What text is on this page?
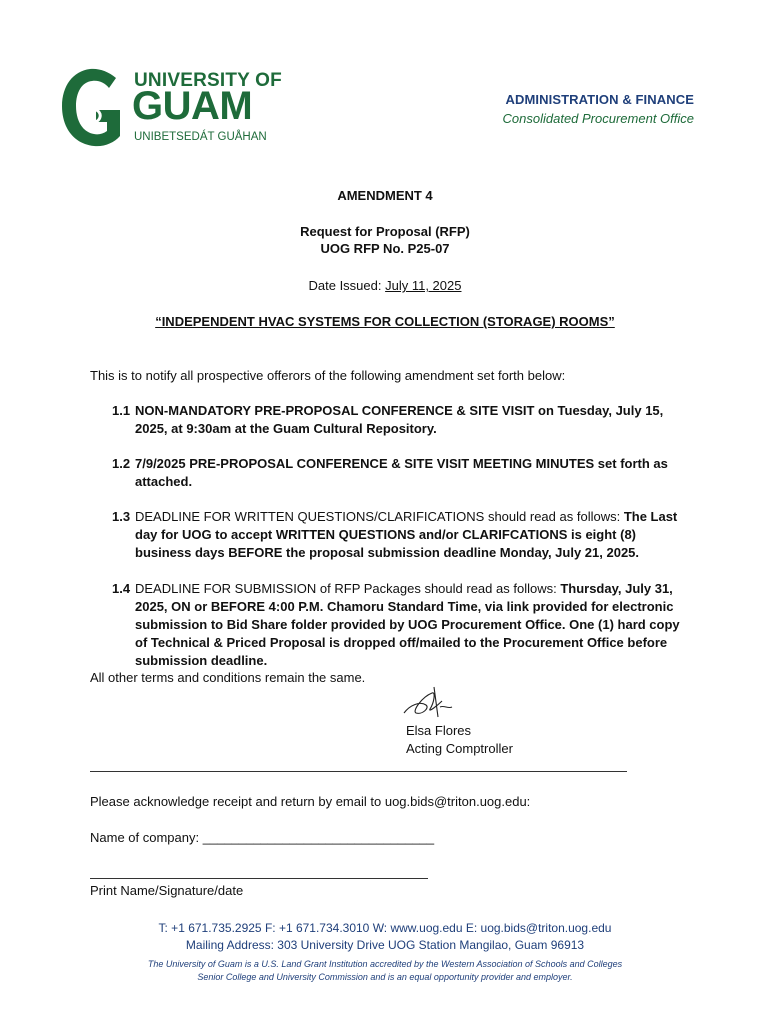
UNIVERSITY OF
GUAM
UNIBETSEDÁT GUÅHAN
ADMINISTRATION & FINANCE
Consolidated Procurement Office
AMENDMENT 4
Request for Proposal (RFP)
UOG RFP No. P25-07
Date Issued: July 11, 2025
“INDEPENDENT HVAC SYSTEMS FOR COLLECTION (STORAGE) ROOMS”
This is to notify all prospective offerors of the following amendment set forth below:
1.1 NON-MANDATORY PRE-PROPOSAL CONFERENCE & SITE VISIT on Tuesday, July 15, 2025, at 9:30am at the Guam Cultural Repository.
1.2 7/9/2025 PRE-PROPOSAL CONFERENCE & SITE VISIT MEETING MINUTES set forth as attached.
1.3 DEADLINE FOR WRITTEN QUESTIONS/CLARIFICATIONS should read as follows: The Last day for UOG to accept WRITTEN QUESTIONS and/or CLARIFCATIONS is eight (8) business days BEFORE the proposal submission deadline Monday, July 21, 2025.
1.4 DEADLINE FOR SUBMISSION of RFP Packages should read as follows: Thursday, July 31, 2025, ON or BEFORE 4:00 P.M. Chamoru Standard Time, via link provided for electronic submission to Bid Share folder provided by UOG Procurement Office. One (1) hard copy of Technical & Priced Proposal is dropped off/mailed to the Procurement Office before submission deadline.
All other terms and conditions remain the same.
Elsa Flores
Acting Comptroller
Please acknowledge receipt and return by email to uog.bids@triton.uog.edu:
Name of company: ________________________________
Print Name/Signature/date
T: +1 671.735.2925 F: +1 671.734.3010 W: www.uog.edu E: uog.bids@triton.uog.edu
Mailing Address: 303 University Drive UOG Station Mangilao, Guam 96913
The University of Guam is a U.S. Land Grant Institution accredited by the Western Association of Schools and Colleges
Senior College and University Commission and is an equal opportunity provider and employer.
